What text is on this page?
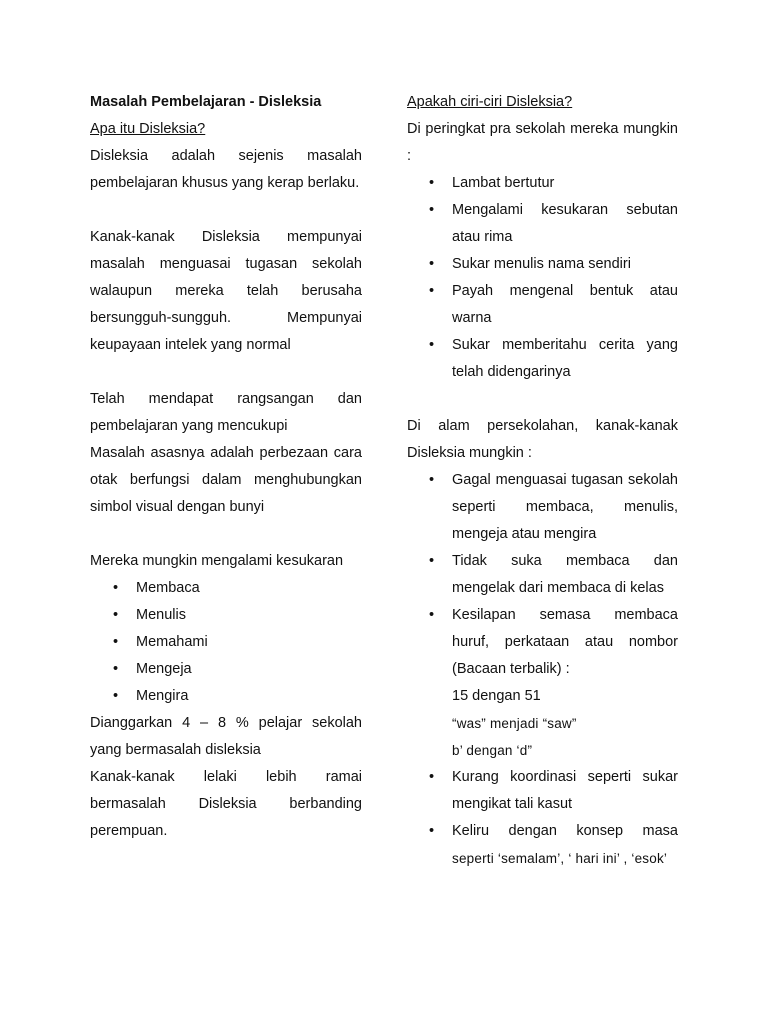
Masalah Pembelajaran - Disleksia
Apa itu Disleksia?
Disleksia adalah sejenis masalah pembelajaran khusus yang kerap berlaku.
Kanak-kanak Disleksia mempunyai masalah menguasai tugasan sekolah walaupun mereka telah berusaha bersungguh-sungguh. Mempunyai keupayaan intelek yang normal
Telah mendapat rangsangan dan pembelajaran yang mencukupi
Masalah asasnya adalah perbezaan cara otak berfungsi dalam menghubungkan simbol visual dengan bunyi
Mereka mungkin mengalami kesukaran
• Membaca
• Menulis
• Memahami
• Mengeja
• Mengira
Dianggarkan 4 – 8 % pelajar sekolah yang bermasalah disleksia
Kanak-kanak lelaki lebih ramai bermasalah Disleksia berbanding perempuan.
Apakah ciri-ciri Disleksia?
Di peringkat pra sekolah mereka mungkin :
• Lambat bertutur
• Mengalami kesukaran sebutan atau rima
• Sukar menulis nama sendiri
• Payah mengenal bentuk atau warna
• Sukar memberitahu cerita yang telah didengarinya
Di alam persekolahan, kanak-kanak Disleksia mungkin :
• Gagal menguasai tugasan sekolah seperti membaca, menulis, mengeja atau mengira
• Tidak suka membaca dan mengelak dari membaca di kelas
• Kesilapan semasa membaca huruf, perkataan atau nombor (Bacaan terbalik) :
15 dengan 51
“was” menjadi “saw”
b’ dengan ‘d”
• Kurang koordinasi seperti sukar mengikat tali kasut
• Keliru dengan konsep masa
seperti ‘semalam’, ‘ hari ini’ , ‘esok’
